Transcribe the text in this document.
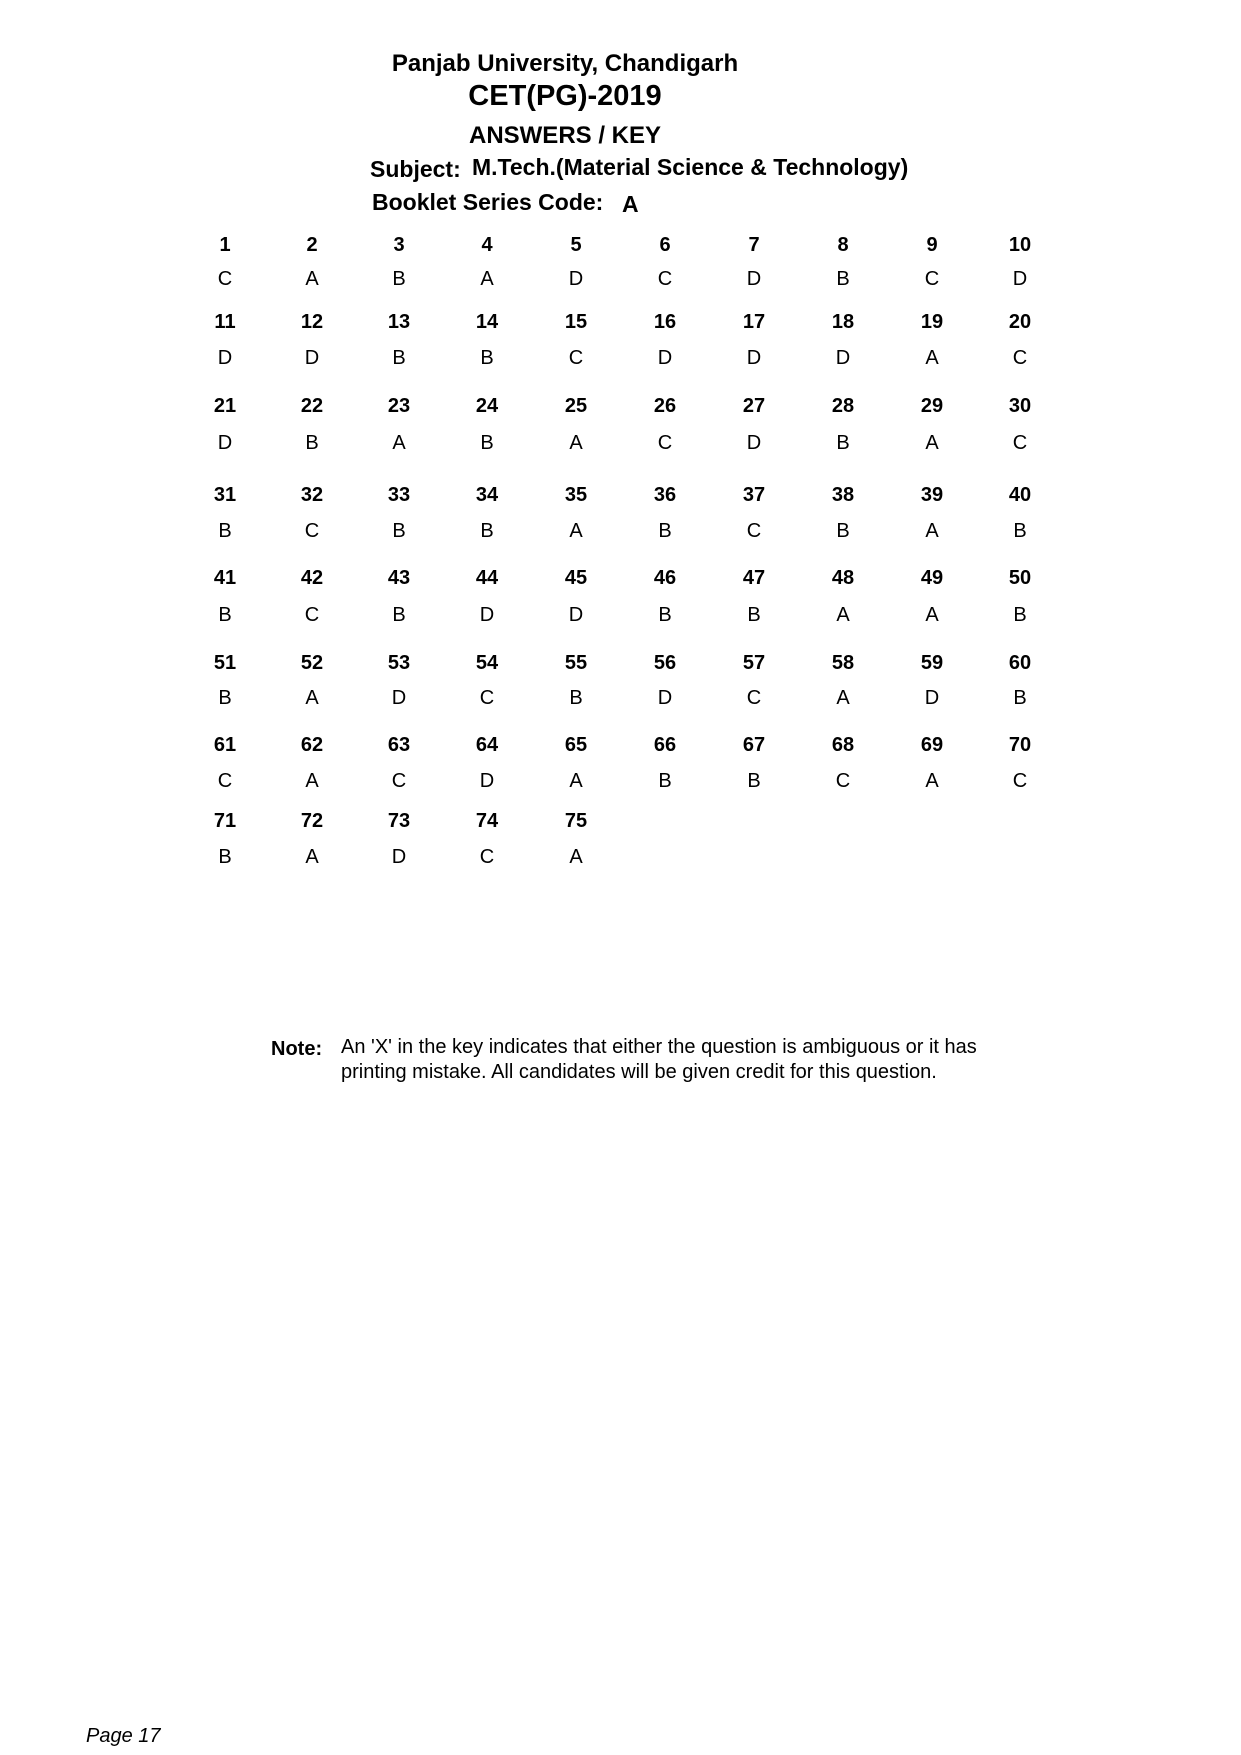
Panjab University, Chandigarh
CET(PG)-2019
ANSWERS / KEY
Subject: M.Tech.(Material Science & Technology)
Booklet Series Code: A
1
C
2
A
3
B
4
A
5
D
6
C
7
D
8
B
9
C
10
D
11
D
12
D
13
B
14
B
15
C
16
D
17
D
18
D
19
A
20
C
21
D
22
B
23
A
24
B
25
A
26
C
27
D
28
B
29
A
30
C
31
B
32
C
33
B
34
B
35
A
36
B
37
C
38
B
39
A
40
B
41
B
42
C
43
B
44
D
45
D
46
B
47
B
48
A
49
A
50
B
51
B
52
A
53
D
54
C
55
B
56
D
57
C
58
A
59
D
60
B
61
C
62
A
63
C
64
D
65
A
66
B
67
B
68
C
69
A
70
C
71
B
72
A
73
D
74
C
75
A
Note: An 'X' in the key indicates that either the question is ambiguous or it has printing mistake. All candidates will be given credit for this question.
Page 17
